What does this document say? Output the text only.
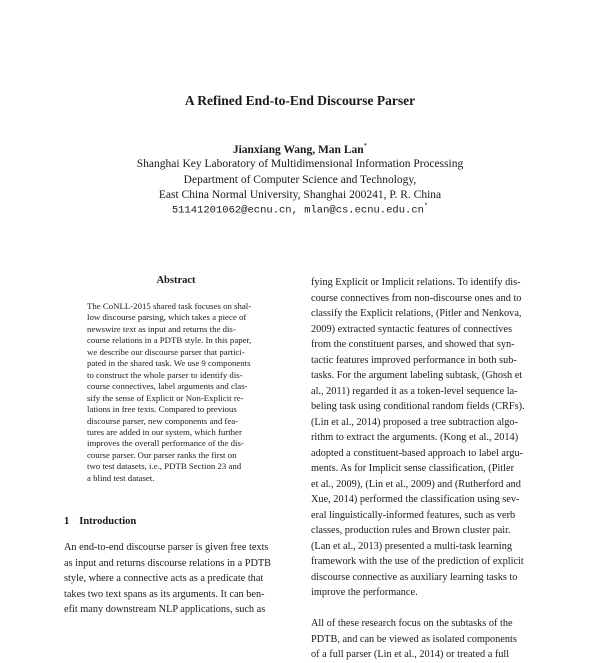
A Refined End-to-End Discourse Parser
Jianxiang Wang, Man Lan*
Shanghai Key Laboratory of Multidimensional Information Processing
Department of Computer Science and Technology,
East China Normal University, Shanghai 200241, P. R. China
51141201062@ecnu.cn, mlan@cs.ecnu.edu.cn*
Abstract
The CoNLL-2015 shared task focuses on shal-
low discourse parsing, which takes a piece of
newswire text as input and returns the dis-
course relations in a PDTB style. In this paper,
we describe our discourse parser that partici-
pated in the shared task. We use 9 components
to construct the whole parser to identify dis-
course connectives, label arguments and clas-
sify the sense of Explicit or Non-Explicit re-
lations in free texts. Compared to previous
discourse parser, new components and fea-
tures are added in our system, which further
improves the overall performance of the dis-
course parser. Our parser ranks the first on
two test datasets, i.e., PDTB Section 23 and
a blind test dataset.
1 Introduction
An end-to-end discourse parser is given free texts
as input and returns discourse relations in a PDTB
style, where a connective acts as a predicate that
takes two text spans as its arguments. It can ben-
efit many downstream NLP applications, such as
fying Explicit or Implicit relations. To identify dis-
course connectives from non-discourse ones and to
classify the Explicit relations, (Pitler and Nenkova,
2009) extracted syntactic features of connectives
from the constituent parses, and showed that syn-
tactic features improved performance in both sub-
tasks. For the argument labeling subtask, (Ghosh et
al., 2011) regarded it as a token-level sequence la-
beling task using conditional random fields (CRFs).
(Lin et al., 2014) proposed a tree subtraction algo-
rithm to extract the arguments. (Kong et al., 2014)
adopted a constituent-based approach to label argu-
ments. As for Implicit sense classification, (Pitler
et al., 2009), (Lin et al., 2009) and (Rutherford and
Xue, 2014) performed the classification using sev-
eral linguistically-informed features, such as verb
classes, production rules and Brown cluster pair.
(Lan et al., 2013) presented a multi-task learning
framework with the use of the prediction of explicit
discourse connective as auxiliary learning tasks to
improve the performance.

All of these research focus on the subtasks of the
PDTB, and can be viewed as isolated components
of a full parser (Lin et al., 2014) or treated a full
